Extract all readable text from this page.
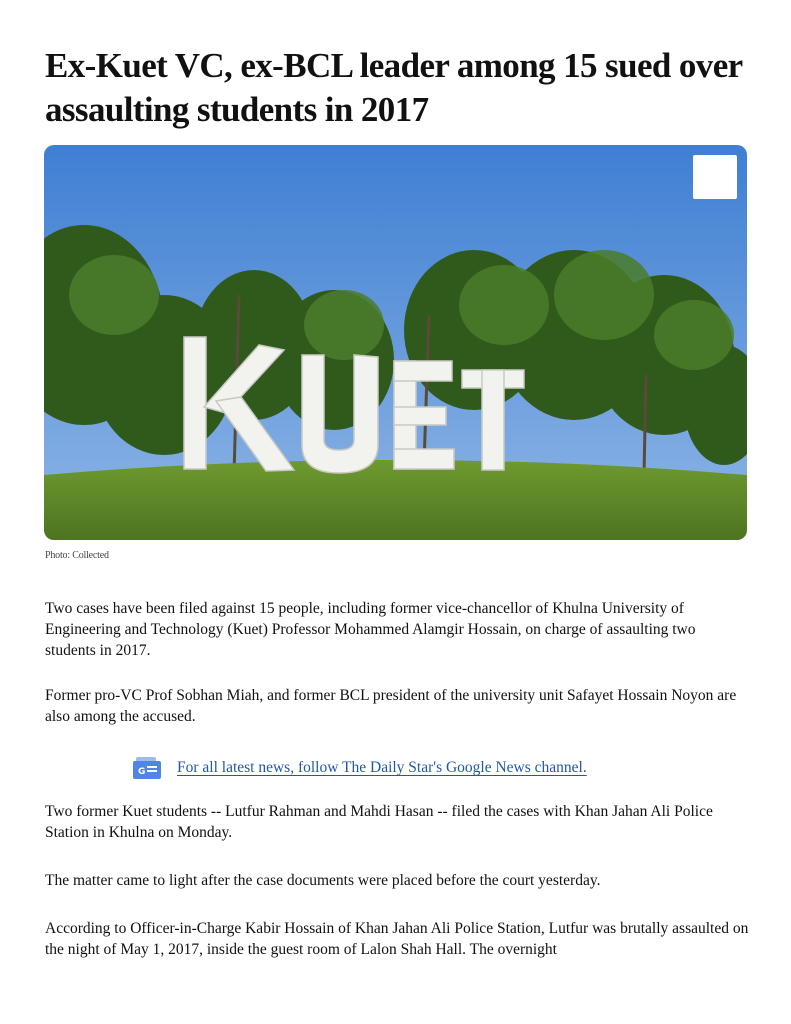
Ex-Kuet VC, ex-BCL leader among 15 sued over assaulting students in 2017
Photo: Collected

Two cases have been filed against 15 people, including former vice-chancellor of Khulna University of Engineering and Technology (Kuet) Professor Mohammed Alamgir Hossain, on charge of assaulting two students in 2017.

Former pro-VC Prof Sobhan Miah, and former BCL president of the university unit Safayet Hossain Noyon are also among the accused.

G For all latest news, follow The Daily Star's Google News channel.

Two former Kuet students -- Lutfur Rahman and Mahdi Hasan -- filed the cases with Khan Jahan Ali Police Station in Khulna on Monday.

The matter came to light after the case documents were placed before the court yesterday.

According to Officer-in-Charge Kabir Hossain of Khan Jahan Ali Police Station, Lutfur was brutally assaulted on the night of May 1, 2017, inside the guest room of Lalon Shah Hall. The overnight
